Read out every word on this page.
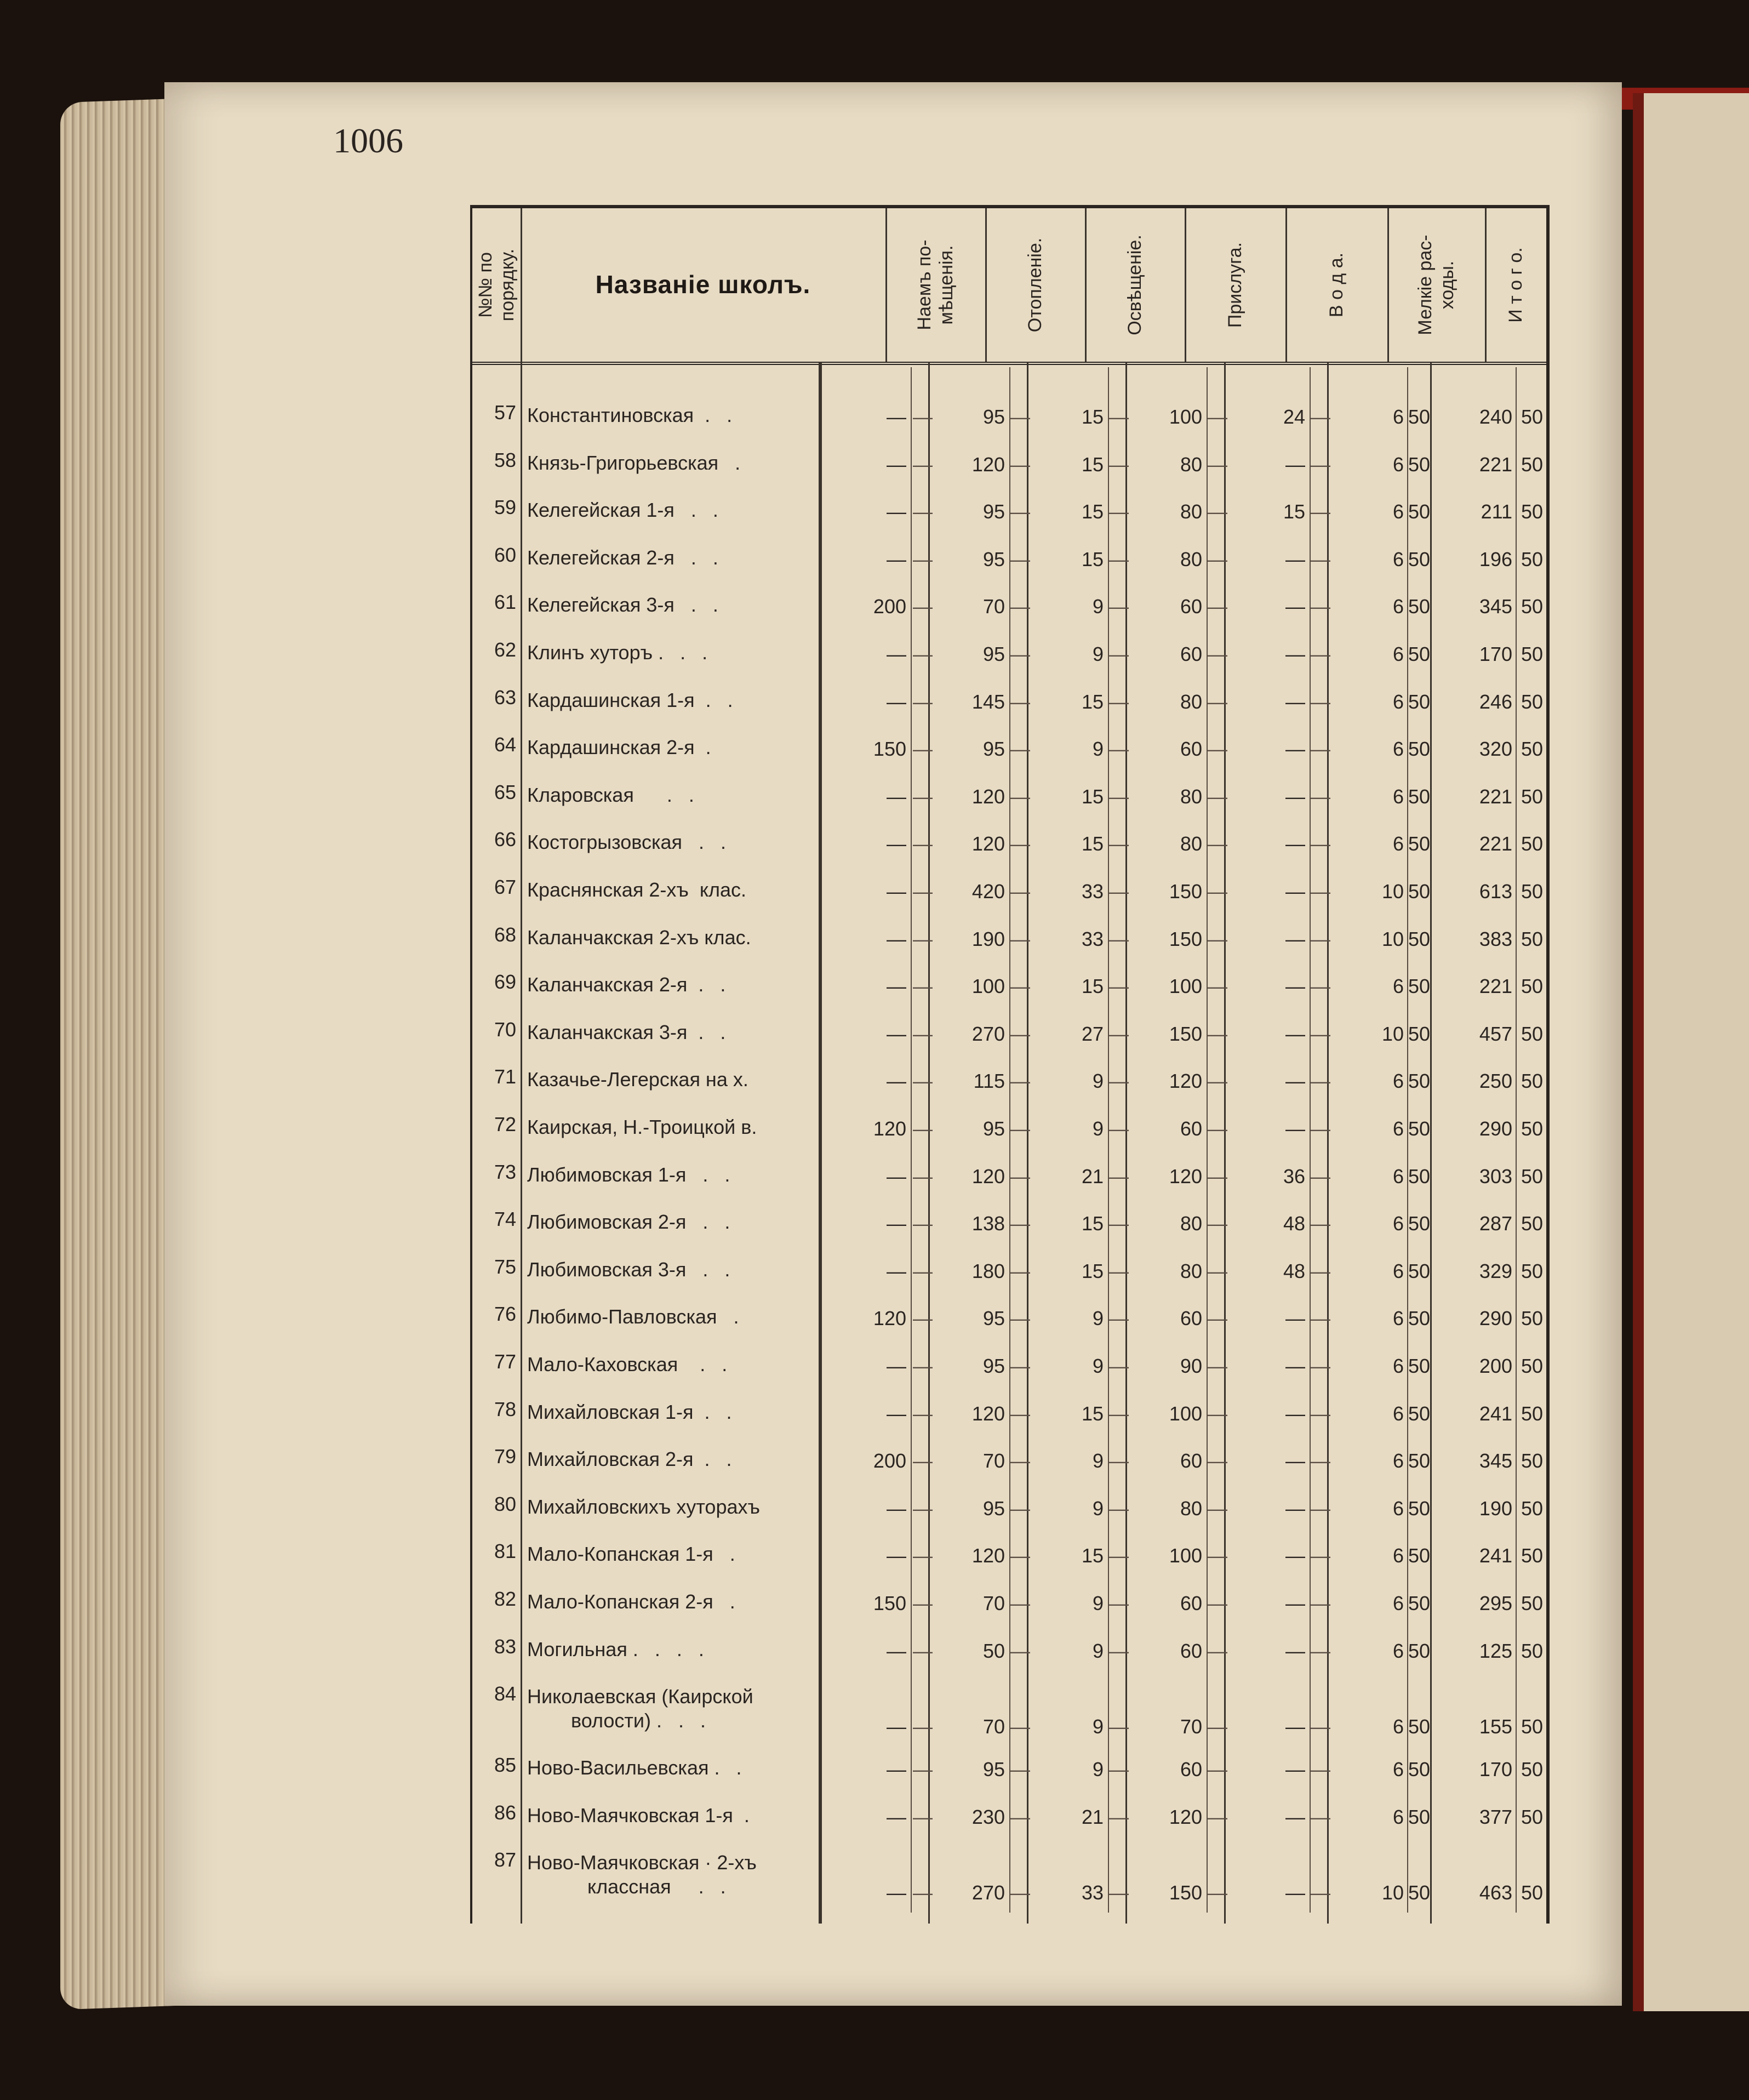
1006
№№ по
порядку.	Названiе школъ.	Наемъ по-
мѣщенія.	Отопленіе.	Освѣщеніе.	Прислуга.	В о д а.	Мелкіе рас-
ходы.	И т о г о.
57 Константиновская  .   .	— —	95 —	15 —	100 —	24 —	6 50	240 50
58 Князь-Григорьевская   .	— —	120 —	15 —	80 —	— —	6 50	221 50
59 Келегейская 1-я   .   .	— —	95 —	15 —	80 —	15 —	6 50	211 50
60 Келегейская 2-я   .   .	— —	95 —	15 —	80 —	— —	6 50	196 50
61 Келегейская 3-я   .   .	200 —	70 —	9 —	60 —	— —	6 50	345 50
62 Клинъ хуторъ .   .   .	— —	95 —	9 —	60 —	— —	6 50	170 50
63 Кардашинская 1-я  .   .	— —	145 —	15 —	80 —	— —	6 50	246 50
64 Кардашинская 2-я  .	150 —	95 —	9 —	60 —	— —	6 50	320 50
65 Кларовская      .   .	— —	120 —	15 —	80 —	— —	6 50	221 50
66 Костогрызовская   .   .	— —	120 —	15 —	80 —	— —	6 50	221 50
67 Краснянская 2-хъ  клас.	— —	420 —	33 —	150 —	— —	10 50	613 50
68 Каланчакская 2-хъ клас.	— —	190 —	33 —	150 —	— —	10 50	383 50
69 Каланчакская 2-я  .   .	— —	100 —	15 —	100 —	— —	6 50	221 50
70 Каланчакская 3-я  .   .	— —	270 —	27 —	150 —	— —	10 50	457 50
71 Казачье-Легерская на х.	— —	115 —	9 —	120 —	— —	6 50	250 50
72 Каирская, Н.-Троицкой в.	120 —	95 —	9 —	60 —	— —	6 50	290 50
73 Любимовская 1-я   .   .	— —	120 —	21 —	120 —	36 —	6 50	303 50
74 Любимовская 2-я   .   .	— —	138 —	15 —	80 —	48 —	6 50	287 50
75 Любимовская 3-я   .   .	— —	180 —	15 —	80 —	48 —	6 50	329 50
76 Любимо-Павловская   .	120 —	95 —	9 —	60 —	— —	6 50	290 50
77 Мало-Каховская    .   .	— —	95 —	9 —	90 —	— —	6 50	200 50
78 Михайловская 1-я  .   .	— —	120 —	15 —	100 —	— —	6 50	241 50
79 Михайловская 2-я  .   .	200 —	70 —	9 —	60 —	— —	6 50	345 50
80 Михайловскихъ хуторахъ	— —	95 —	9 —	80 —	— —	6 50	190 50
81 Мало-Копанская 1-я   .	— —	120 —	15 —	100 —	— —	6 50	241 50
82 Мало-Копанская 2-я   .	150 —	70 —	9 —	60 —	— —	6 50	295 50
83 Могильная .   .   .   .	— —	50 —	9 —	60 —	— —	6 50	125 50
84 Николаевская (Каирской
волости) .   .   .	— —	70 —	9 —	70 —	— —	6 50	155 50
85 Ново-Васильевская .   .	— —	95 —	9 —	60 —	— —	6 50	170 50
86 Ново-Маячковская 1-я  .	— —	230 —	21 —	120 —	— —	6 50	377 50
87 Ново-Маячковская · 2-хъ
классная     .   .	— —	270 —	33 —	150 —	— —	10 50	463 50
